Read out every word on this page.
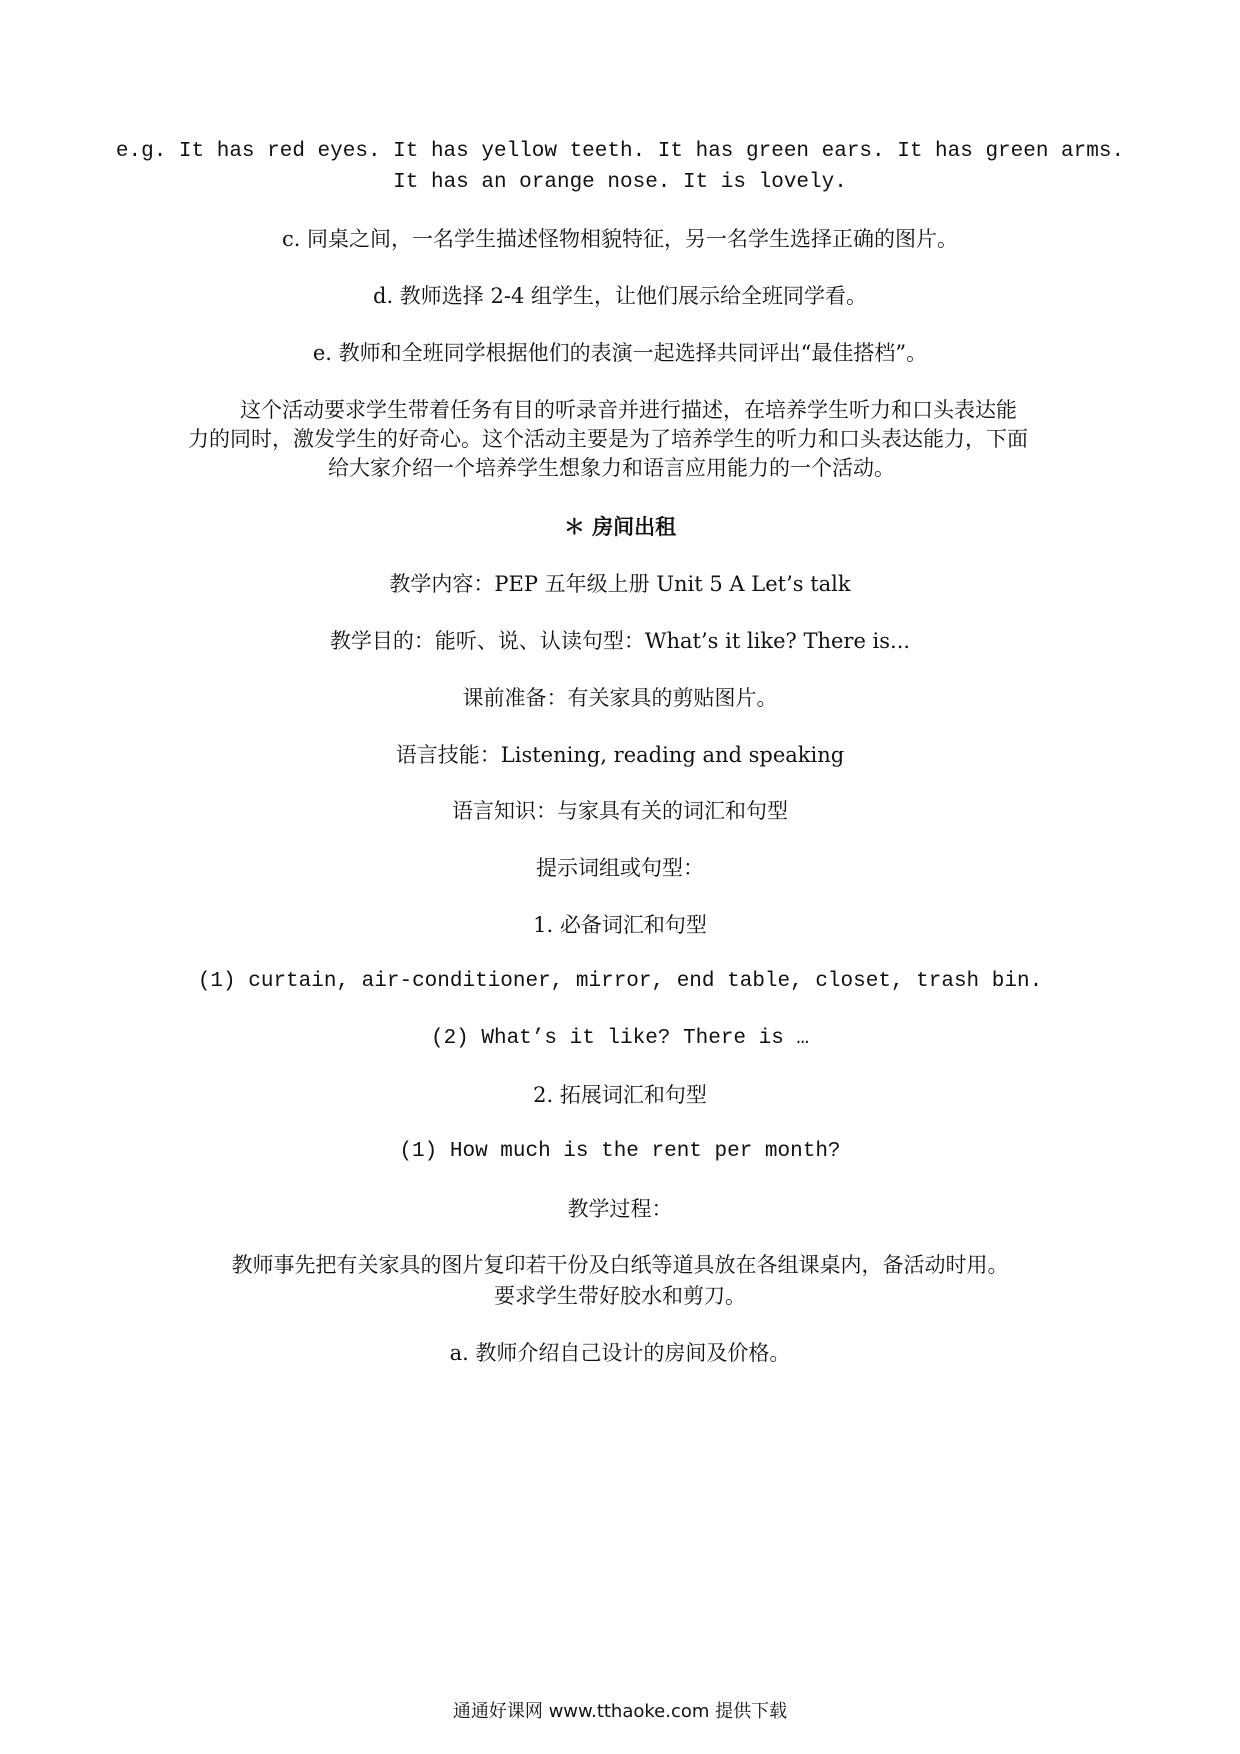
e.g. It has red eyes. It has yellow teeth. It has green ears. It has green arms.
It has an orange nose. It is lovely.
c. 同桌之间，一名学生描述怪物相貌特征，另一名学生选择正确的图片。
d. 教师选择 2-4 组学生，让他们展示给全班同学看。
e. 教师和全班同学根据他们的表演一起选择共同评出“最佳搭档”。
这个活动要求学生带着任务有目的听录音并进行描述，在培养学生听力和口头表达能
力的同时，激发学生的好奇心。这个活动主要是为了培养学生的听力和口头表达能力，下面
给大家介绍一个培养学生想象力和语言应用能力的一个活动。
＊ 房间出租
教学内容：PEP 五年级上册 Unit 5 A Let’s talk
教学目的：能听、说、认读句型：What’s it like? There is...
课前准备：有关家具的剪贴图片。
语言技能：Listening, reading and speaking
语言知识：与家具有关的词汇和句型
提示词组或句型：
1. 必备词汇和句型
(1) curtain, air-conditioner, mirror, end table, closet, trash bin.
(2) What’s it like? There is …
2. 拓展词汇和句型
(1) How much is the rent per month?
教学过程：
教师事先把有关家具的图片复印若干份及白纸等道具放在各组课桌内，备活动时用。
要求学生带好胶水和剪刀。
a. 教师介绍自己设计的房间及价格。
通通好课网 www.tthaoke.com 提供下载
